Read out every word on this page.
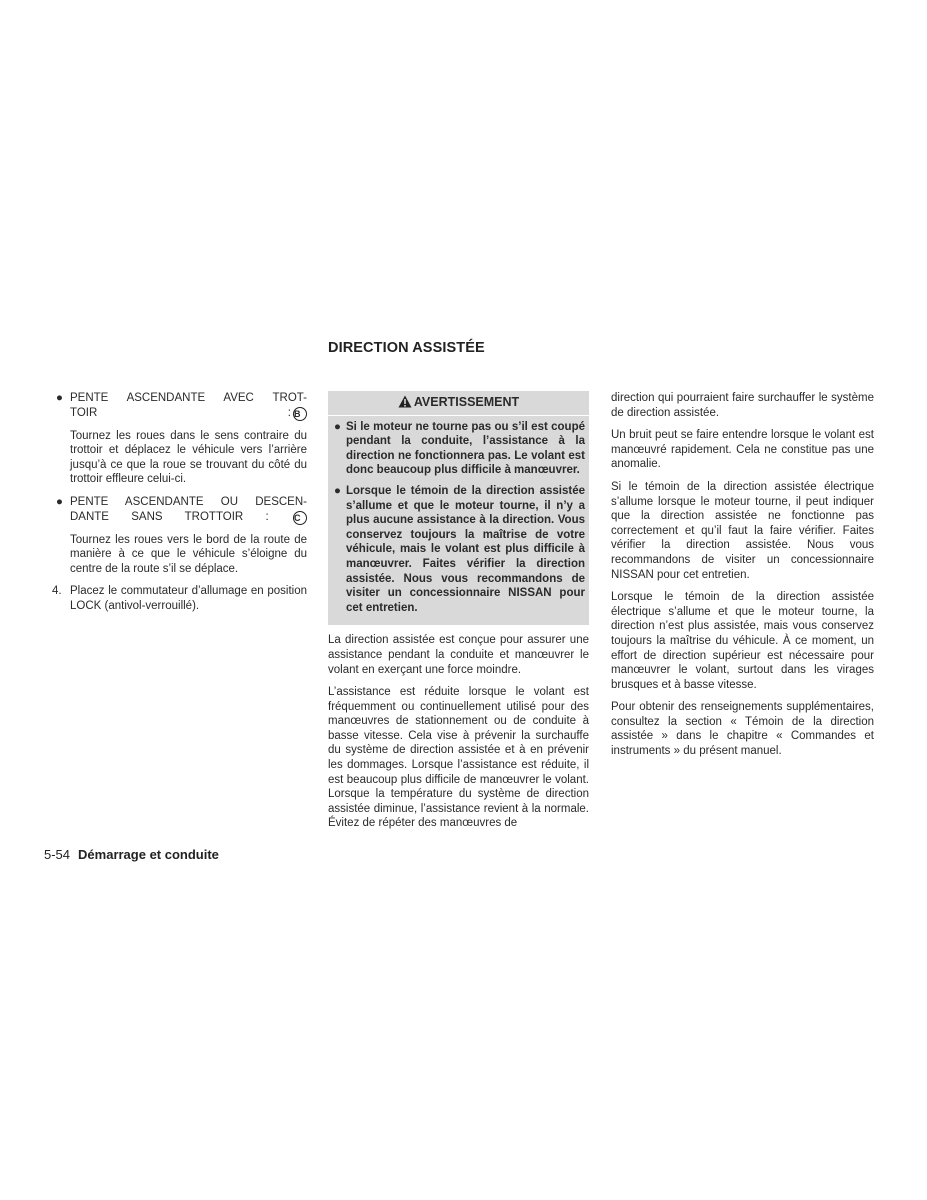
DIRECTION ASSISTÉE
● PENTE ASCENDANTE AVEC TROT-
TOIR : B

Tournez les roues dans le sens contraire du trottoir et déplacez le véhicule vers l’arrière jusqu’à ce que la roue se trouvant du côté du trottoir effleure celui-ci.

● PENTE ASCENDANTE OU DESCEN-
DANTE SANS TROTTOIR :	C

Tournez les roues vers le bord de la route de manière à ce que le véhicule s’éloigne du centre de la route s’il se déplace.

4. Placez le commutateur d’allumage en position LOCK (antivol-verrouillé).
AVERTISSEMENT
● Si le moteur ne tourne pas ou s’il est coupé pendant la conduite, l’assistance à la direction ne fonctionnera pas. Le volant est donc beaucoup plus difficile à manœuvrer.
● Lorsque le témoin de la direction assistée s’allume et que le moteur tourne, il n’y a plus aucune assistance à la direction. Vous conservez toujours la maîtrise de votre véhicule, mais le volant est plus difficile à manœuvrer. Faites vérifier la direction assistée. Nous vous recommandons de visiter un concessionnaire NISSAN pour cet entretien.

La direction assistée est conçue pour assurer une assistance pendant la conduite et manœuvrer le volant en exerçant une force moindre.

L’assistance est réduite lorsque le volant est fréquemment ou continuellement utilisé pour des manœuvres de stationnement ou de conduite à basse vitesse. Cela vise à prévenir la surchauffe du système de direction assistée et à en prévenir les dommages. Lorsque l’assistance est réduite, il est beaucoup plus difficile de manœuvrer le volant. Lorsque la température du système de direction assistée diminue, l’assistance revient à la normale. Évitez de répéter des manœuvres de

direction qui pourraient faire surchauffer le système de direction assistée.

Un bruit peut se faire entendre lorsque le volant est manœuvré rapidement. Cela ne constitue pas une anomalie.

Si le témoin de la direction assistée électrique s’allume lorsque le moteur tourne, il peut indiquer que la direction assistée ne fonctionne pas correctement et qu’il faut la faire vérifier. Faites vérifier la direction assistée. Nous vous recommandons de visiter un concessionnaire NISSAN pour cet entretien.

Lorsque le témoin de la direction assistée électrique s’allume et que le moteur tourne, la direction n’est plus assistée, mais vous conservez toujours la maîtrise du véhicule. À ce moment, un effort de direction supérieur est nécessaire pour manœuvrer le volant, surtout dans les virages brusques et à basse vitesse.

Pour obtenir des renseignements supplémentaires, consultez la section « Témoin de la direction assistée » dans le chapitre « Commandes et instruments » du présent manuel.

5-54 Démarrage et conduite
